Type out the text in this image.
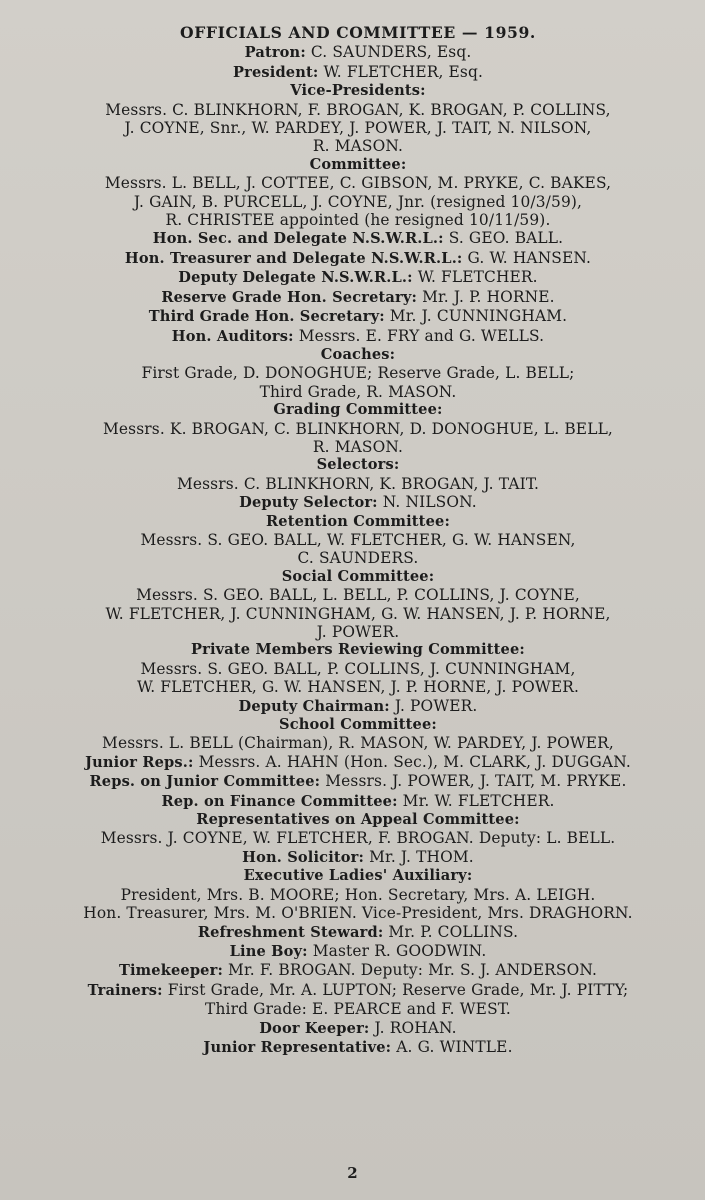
OFFICIALS AND COMMITTEE — 1959.
Patron: C. SAUNDERS, Esq.
President: W. FLETCHER, Esq.
Vice-Presidents:
Messrs. C. BLINKHORN, F. BROGAN, K. BROGAN, P. COLLINS,
J. COYNE, Snr., W. PARDEY, J. POWER, J. TAIT, N. NILSON,
R. MASON.
Committee:
Messrs. L. BELL, J. COTTEE, C. GIBSON, M. PRYKE, C. BAKES,
J. GAIN, B. PURCELL, J. COYNE, Jnr. (resigned 10/3/59),
R. CHRISTEE appointed (he resigned 10/11/59).
Hon. Sec. and Delegate N.S.W.R.L.: S. GEO. BALL.
Hon. Treasurer and Delegate N.S.W.R.L.: G. W. HANSEN.
Deputy Delegate N.S.W.R.L.: W. FLETCHER.
Reserve Grade Hon. Secretary: Mr. J. P. HORNE.
Third Grade Hon. Secretary: Mr. J. CUNNINGHAM.
Hon. Auditors: Messrs. E. FRY and G. WELLS.
Coaches:
First Grade, D. DONOGHUE; Reserve Grade, L. BELL;
Third Grade, R. MASON.
Grading Committee:
Messrs. K. BROGAN, C. BLINKHORN, D. DONOGHUE, L. BELL,
R. MASON.
Selectors:
Messrs. C. BLINKHORN, K. BROGAN, J. TAIT.
Deputy Selector: N. NILSON.
Retention Committee:
Messrs. S. GEO. BALL, W. FLETCHER, G. W. HANSEN,
C. SAUNDERS.
Social Committee:
Messrs. S. GEO. BALL, L. BELL, P. COLLINS, J. COYNE,
W. FLETCHER, J. CUNNINGHAM, G. W. HANSEN, J. P. HORNE,
J. POWER.
Private Members Reviewing Committee:
Messrs. S. GEO. BALL, P. COLLINS, J. CUNNINGHAM,
W. FLETCHER, G. W. HANSEN, J. P. HORNE, J. POWER.
Deputy Chairman: J. POWER.
School Committee:
Messrs. L. BELL (Chairman), R. MASON, W. PARDEY, J. POWER,
Junior Reps.: Messrs. A. HAHN (Hon. Sec.), M. CLARK, J. DUGGAN.
Reps. on Junior Committee: Messrs. J. POWER, J. TAIT, M. PRYKE.
Rep. on Finance Committee: Mr. W. FLETCHER.
Representatives on Appeal Committee:
Messrs. J. COYNE, W. FLETCHER, F. BROGAN. Deputy: L. BELL.
Hon. Solicitor: Mr. J. THOM.
Executive Ladies' Auxiliary:
President, Mrs. B. MOORE; Hon. Secretary, Mrs. A. LEIGH.
Hon. Treasurer, Mrs. M. O'BRIEN. Vice-President, Mrs. DRAGHORN.
Refreshment Steward: Mr. P. COLLINS.
Line Boy: Master R. GOODWIN.
Timekeeper: Mr. F. BROGAN. Deputy: Mr. S. J. ANDERSON.
Trainers: First Grade, Mr. A. LUPTON; Reserve Grade, Mr. J. PITTY;
Third Grade: E. PEARCE and F. WEST.
Door Keeper: J. ROHAN.
Junior Representative: A. G. WINTLE.
2
